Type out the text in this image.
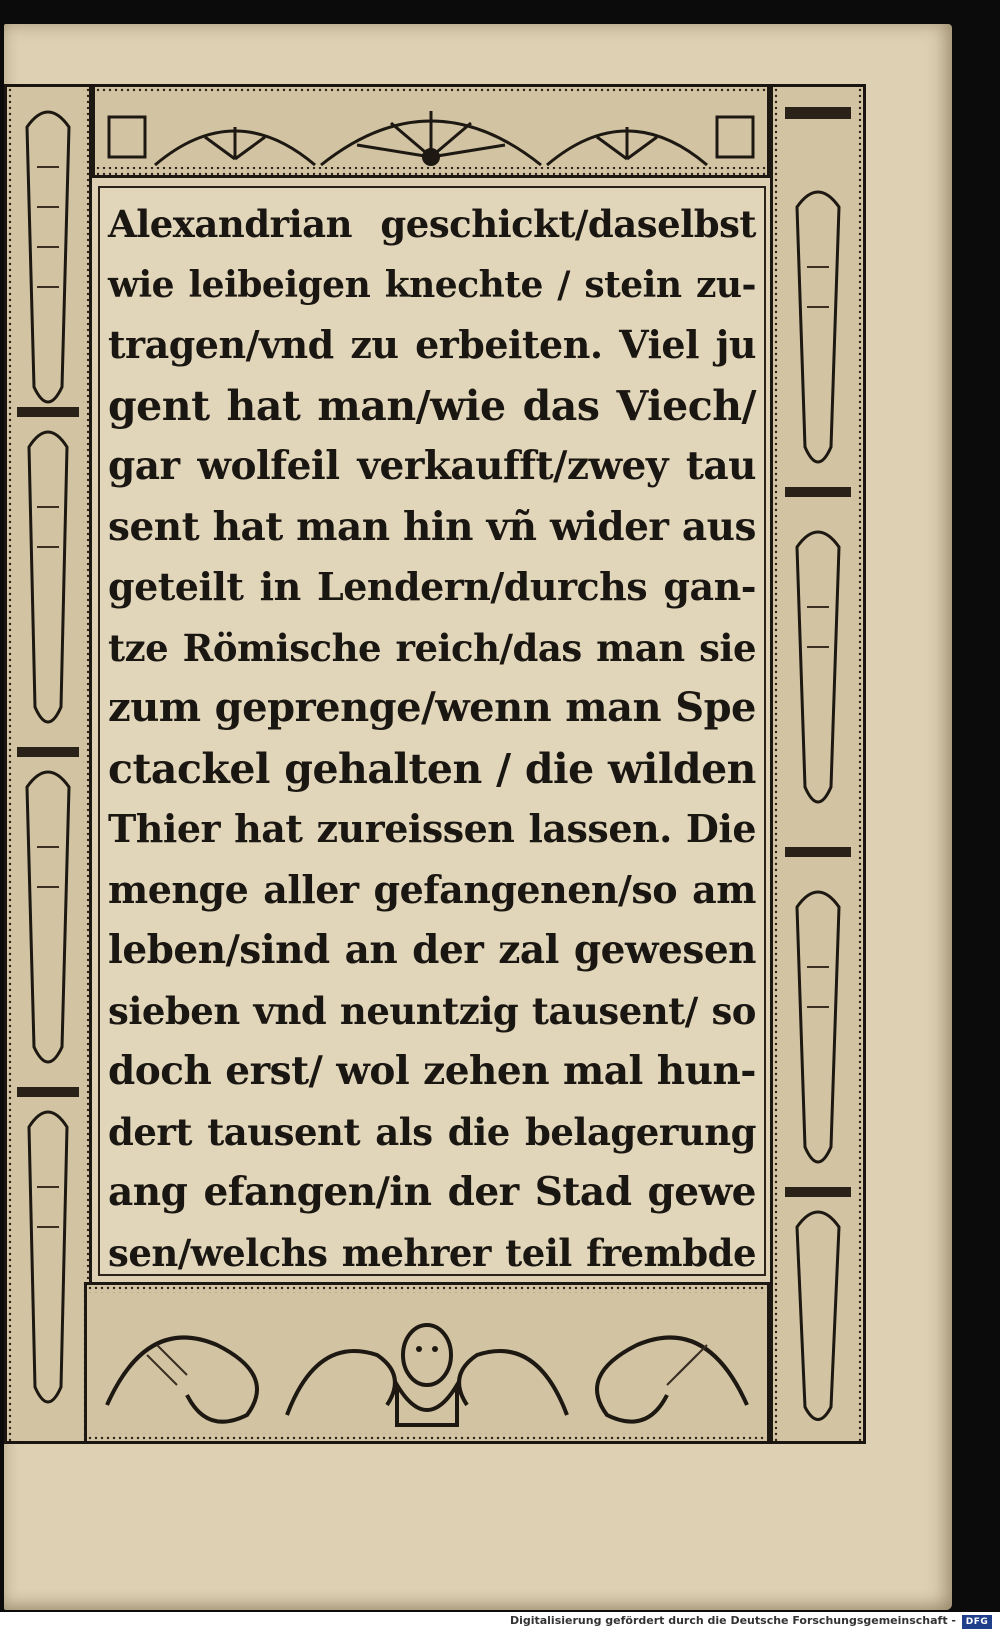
Alexandrian geschickt/daselbst
wie leibeigen knechte / stein zu-
tragen/vnd zu erbeiten. Viel ju
gent hat man/wie das Viech/
gar wolfeil verkaufft/zwey tau
sent hat man hin vñ wider aus
geteilt in Lendern/durchs gan-
tze Römische reich/das man sie
zum geprenge/wenn man Spe
ctackel gehalten / die wilden
Thier hat zureissen lassen. Die
menge aller gefangenen/so am
leben/sind an der zal gewesen
sieben vnd neuntzig tausent/ so
doch erst/ wol zehen mal hun-
dert tausent als die belagerung
ang efangen/in der Stad gewe
sen/welchs mehrer teil frembde
Digitalisierung gefördert durch die Deutsche Forschungsgemeinschaft -	DFG
